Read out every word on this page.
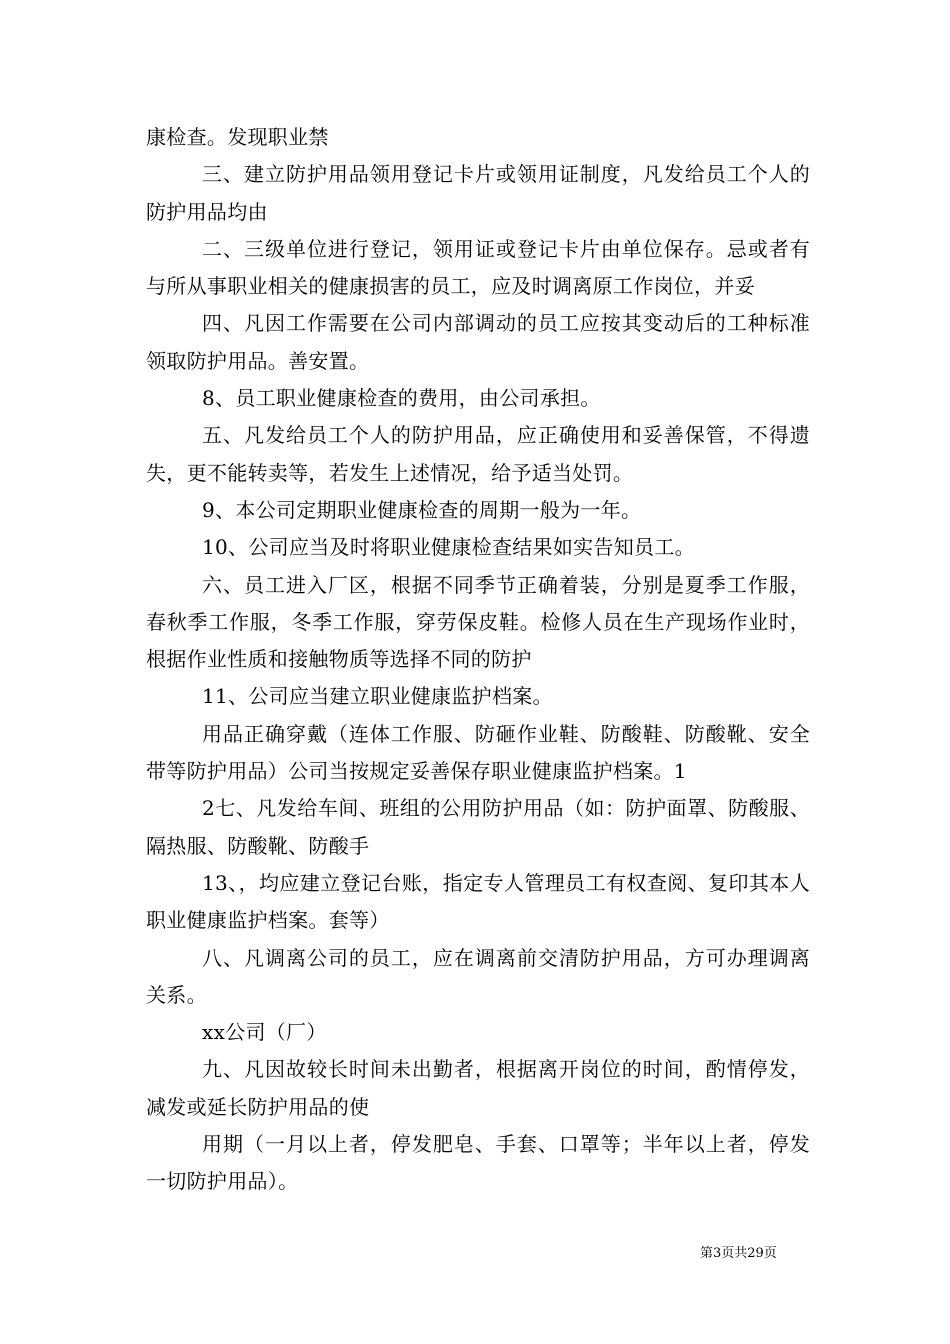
康检查。发现职业禁

三、建立防护用品领用登记卡片或领用证制度，凡发给员工个人的防护用品均由

二、三级单位进行登记，领用证或登记卡片由单位保存。忌或者有与所从事职业相关的健康损害的员工，应及时调离原工作岗位，并妥

四、凡因工作需要在公司内部调动的员工应按其变动后的工种标准领取防护用品。善安置。

8、员工职业健康检查的费用，由公司承担。

五、凡发给员工个人的防护用品，应正确使用和妥善保管，不得遗失，更不能转卖等，若发生上述情况，给予适当处罚。

9、本公司定期职业健康检查的周期一般为一年。

10、公司应当及时将职业健康检查结果如实告知员工。

六、员工进入厂区，根据不同季节正确着装，分别是夏季工作服，春秋季工作服，冬季工作服，穿劳保皮鞋。检修人员在生产现场作业时，根据作业性质和接触物质等选择不同的防护

11、公司应当建立职业健康监护档案。

用品正确穿戴（连体工作服、防砸作业鞋、防酸鞋、防酸靴、安全带等防护用品）公司当按规定妥善保存职业健康监护档案。1

2七、凡发给车间、班组的公用防护用品（如：防护面罩、防酸服、隔热服、防酸靴、防酸手

13、，均应建立登记台账，指定专人管理员工有权查阅、复印其本人职业健康监护档案。套等）

八、凡调离公司的员工，应在调离前交清防护用品，方可办理调离关系。

xx公司（厂）

九、凡因故较长时间未出勤者，根据离开岗位的时间，酌情停发，减发或延长防护用品的使

用期（一月以上者，停发肥皂、手套、口罩等；半年以上者，停发一切防护用品）。

第3页共29页
